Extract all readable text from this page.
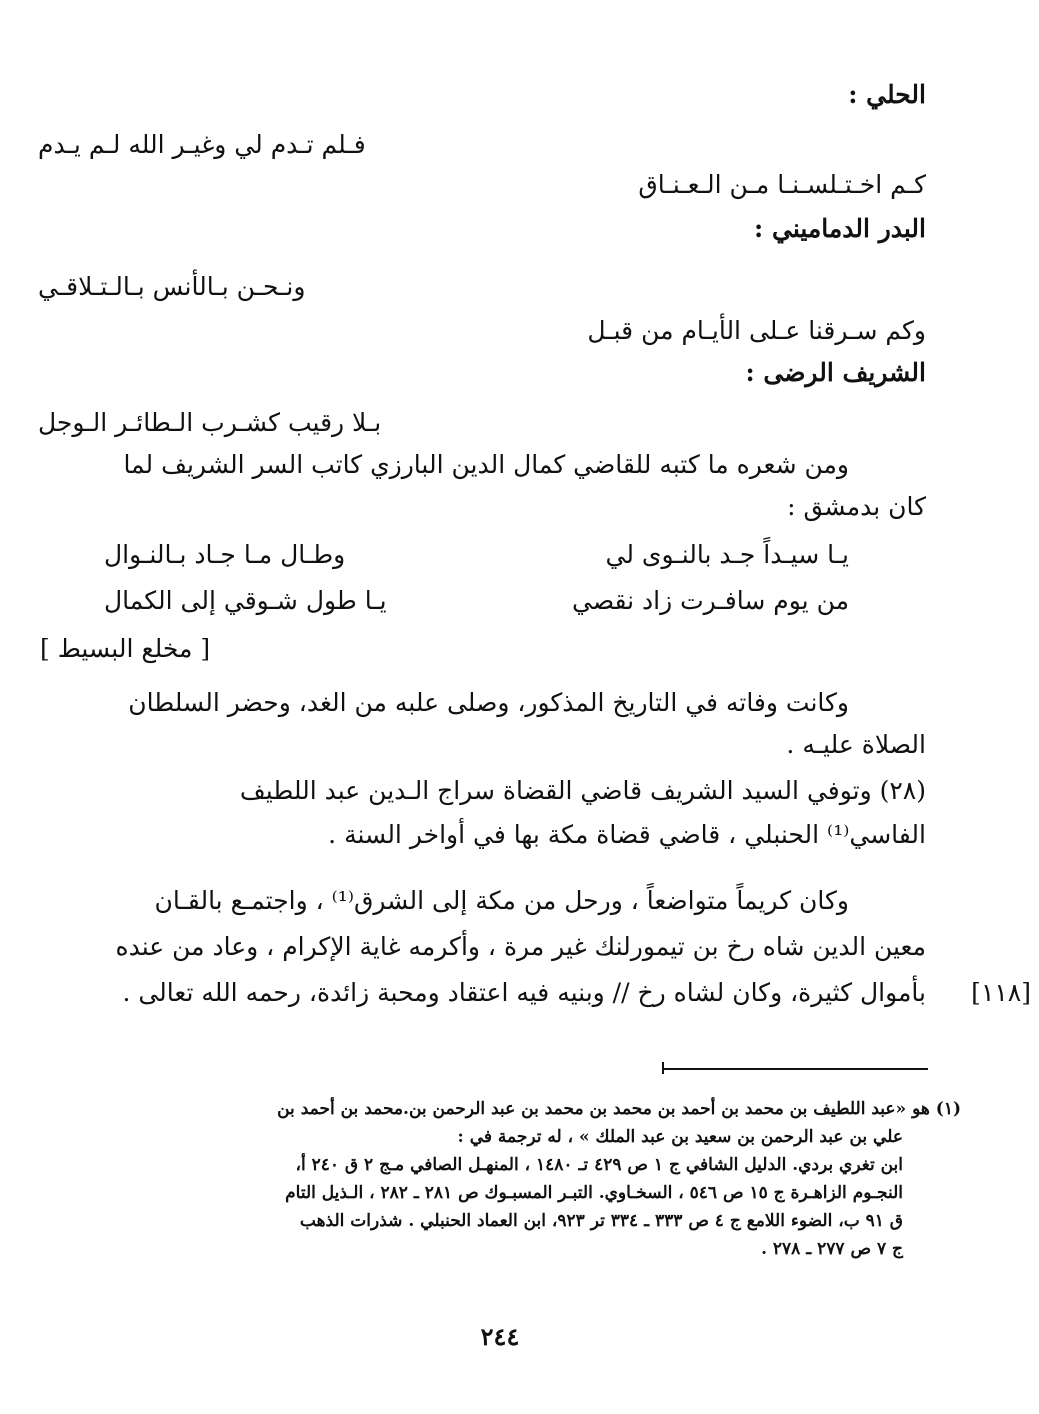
الحلي :
فـلم تـدم لي وغيـر الله لـم يـدم
كـم اخـتـلسـنـا مـن الـعـنـاق
البدر الدماميني :
ونـحـن بـالأنس بـالـتـلاقـي
وكم سـرقنا عـلى الأيـام من قبـل
الشريف الرضى :
بـلا رقيب كشـرب الـطائـر الـوجل
ومن شعره ما كتبه للقاضي كمال الدين البارزي كاتب السر الشريف لما
كان بدمشق :
يـا سيـداً جـد بالنـوى لي
وطـال مـا جـاد بـالنـوال
من يوم سافـرت زاد نقصي
يـا طول شـوقي إلى الكمال
[ مخلع البسيط ]
وكانت وفاته في التاريخ المذكور، وصلى علبه من الغد، وحضر السلطان
الصلاة عليـه .
(٢٨) وتوفي السيد الشريف قاضي القضاة سراج الـدين عبد اللطيف
الفاسي⁽¹⁾ الحنبلي ، قاضي قضاة مكة بها في أواخر السنة .
وكان كريماً متواضعاً ، ورحل من مكة إلى الشرق⁽¹⁾ ، واجتمـع بالقـان
معين الدين شاه رخ بن تيمورلنك غير مرة ، وأكرمه غاية الإكرام ، وعاد من عنده
بأموال كثيرة، وكان لشاه رخ // وبنيه فيه اعتقاد ومحبة زائدة، رحمه الله تعالى . [١١٨]
(١) هو «عبد اللطيف بن محمد بن أحمد بن محمد بن محمد بن عبد الرحمن بن.محمد بن أحمد بن
علي بن عبد الرحمن بن سعيد بن عبد الملك » ، له ترجمة في :
ابن تغري بردي. الدليل الشافي ج ١ ص ٤٢٩ تـ ١٤٨٠ ، المنهـل الصافي مـج ٢ ق ٢٤٠ أ،
النجـوم الزاهـرة ج ١٥ ص ٥٤٦ ، السخـاوي. التبـر المسبـوك ص ٢٨١ ـ ٢٨٢ ، الـذيل التام
ق ٩١ ب، الضوء اللامع ج ٤ ص ٣٣٣ ـ ٣٣٤ تر ٩٢٣، ابن العماد الحنبلي . شذرات الذهب
ج ٧ ص ٢٧٧ ـ ٢٧٨ .
٢٤٤
